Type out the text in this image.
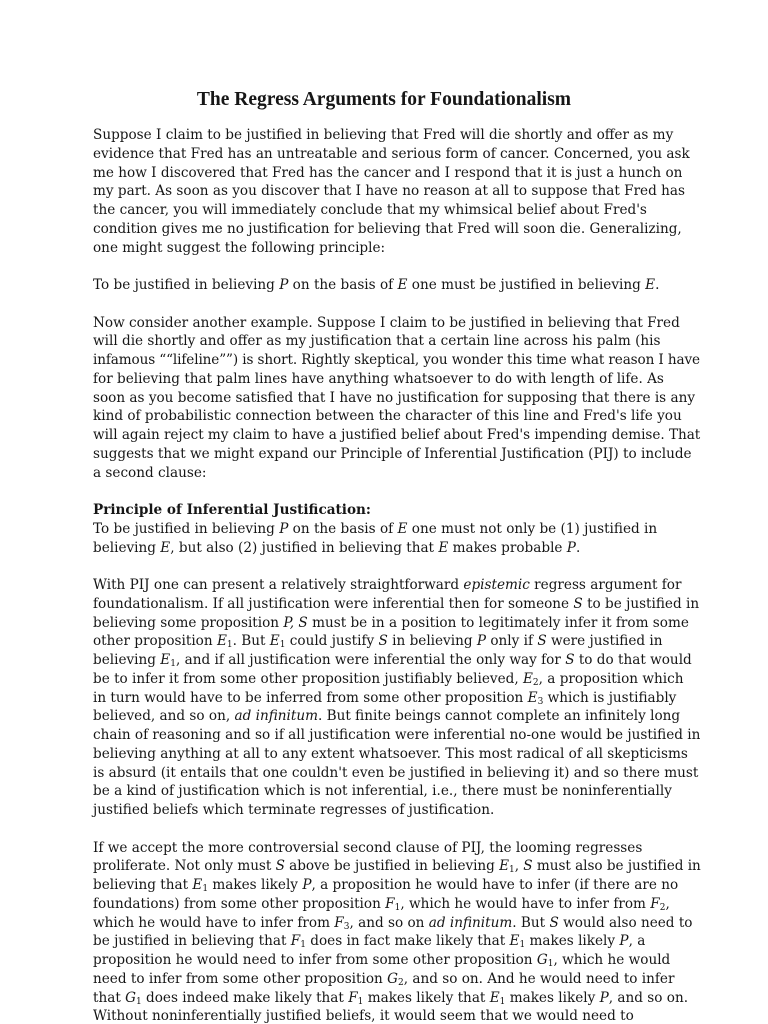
The Regress Arguments for Foundationalism

Suppose I claim to be justified in believing that Fred will die shortly and offer as my
evidence that Fred has an untreatable and serious form of cancer. Concerned, you ask
me how I discovered that Fred has the cancer and I respond that it is just a hunch on
my part. As soon as you discover that I have no reason at all to suppose that Fred has
the cancer, you will immediately conclude that my whimsical belief about Fred's
condition gives me no justification for believing that Fred will soon die. Generalizing,
one might suggest the following principle:

To be justified in believing P on the basis of E one must be justified in believing E.

Now consider another example. Suppose I claim to be justified in believing that Fred
will die shortly and offer as my justification that a certain line across his palm (his
infamous ““lifeline””) is short. Rightly skeptical, you wonder this time what reason I have
for believing that palm lines have anything whatsoever to do with length of life. As
soon as you become satisfied that I have no justification for supposing that there is any
kind of probabilistic connection between the character of this line and Fred's life you
will again reject my claim to have a justified belief about Fred's impending demise. That
suggests that we might expand our Principle of Inferential Justification (PIJ) to include
a second clause:

Principle of Inferential Justification:
To be justified in believing P on the basis of E one must not only be (1) justified in
believing E, but also (2) justified in believing that E makes probable P.

With PIJ one can present a relatively straightforward epistemic regress argument for
foundationalism. If all justification were inferential then for someone S to be justified in
believing some proposition P, S must be in a position to legitimately infer it from some
other proposition $E_1$. But $E_1$ could justify S in believing P only if S were justified in
believing $E_1$, and if all justification were inferential the only way for S to do that would
be to infer it from some other proposition justifiably believed, $E_2$, a proposition which
in turn would have to be inferred from some other proposition $E_3$ which is justifiably
believed, and so on, ad infinitum. But finite beings cannot complete an infinitely long
chain of reasoning and so if all justification were inferential no-one would be justified in
believing anything at all to any extent whatsoever. This most radical of all skepticisms
is absurd (it entails that one couldn't even be justified in believing it) and so there must
be a kind of justification which is not inferential, i.e., there must be noninferentially
justified beliefs which terminate regresses of justification.

If we accept the more controversial second clause of PIJ, the looming regresses
proliferate. Not only must S above be justified in believing $E_1$, S must also be justified in
believing that $E_1$ makes likely P, a proposition he would have to infer (if there are no
foundations) from some other proposition $F_1$, which he would have to infer from $F_2$,
which he would have to infer from $F_3$, and so on ad infinitum. But S would also need to
be justified in believing that $F_1$ does in fact make likely that $E_1$ makes likely P, a
proposition he would need to infer from some other proposition $G_1$, which he would
need to infer from some other proposition $G_2$, and so on. And he would need to infer
that $G_1$ does indeed make likely that $F_1$ makes likely that $E_1$ makes likely P, and so on.
Without noninferentially justified beliefs, it would seem that we would need to
